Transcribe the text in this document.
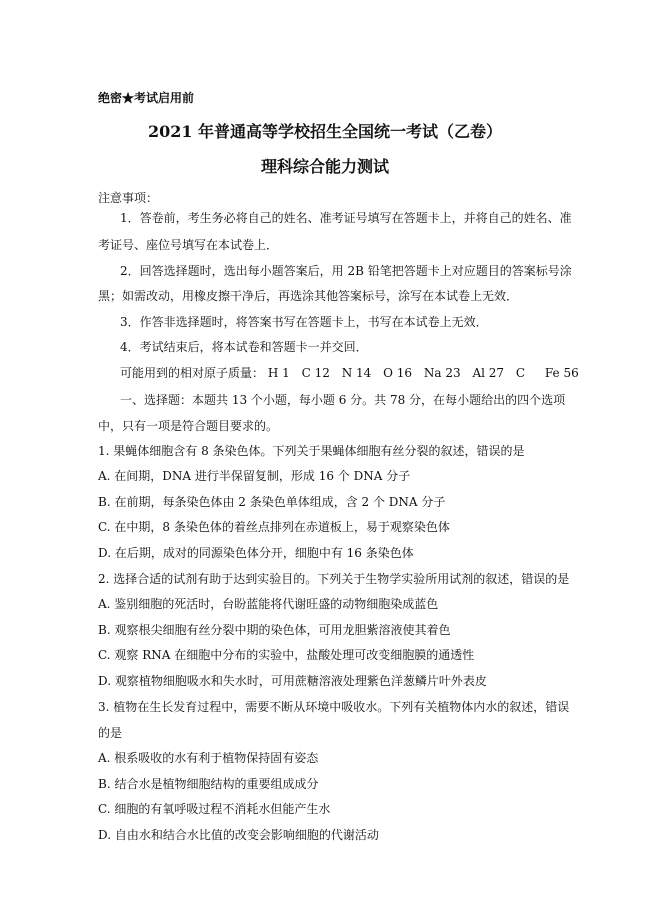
绝密★考试启用前
2021 年普通高等学校招生全国统一考试（乙卷）
理科综合能力测试
注意事项：
1．答卷前，考生务必将自己的姓名、准考证号填写在答题卡上，并将自己的姓名、准
考证号、座位号填写在本试卷上．
2．回答选择题时，选出每小题答案后，用 2B 铅笔把答题卡上对应题目的答案标号涂
黑；如需改动，用橡皮擦干净后，再选涂其他答案标号，涂写在本试卷上无效．
3．作答非选择题时，将答案书写在答题卡上，书写在本试卷上无效．
4．考试结束后，将本试卷和答题卡一并交回．
可能用到的相对原子质量： H 1 C 12 N 14 O 16 Na 23 Al 27 C Fe 56
一、选择题：本题共 13 个小题，每小题 6 分。共 78 分，在每小题给出的四个选项
中，只有一项是符合题目要求的。
1. 果蝇体细胞含有 8 条染色体。下列关于果蝇体细胞有丝分裂的叙述，错误的是
A. 在间期，DNA 进行半保留复制，形成 16 个 DNA 分子
B. 在前期，每条染色体由 2 条染色单体组成，含 2 个 DNA 分子
C. 在中期，8 条染色体的着丝点排列在赤道板上，易于观察染色体
D. 在后期，成对的同源染色体分开，细胞中有 16 条染色体
2. 选择合适的试剂有助于达到实验目的。下列关于生物学实验所用试剂的叙述，错误的是
A. 鉴别细胞的死活时，台盼蓝能将代谢旺盛的动物细胞染成蓝色
B. 观察根尖细胞有丝分裂中期的染色体，可用龙胆紫溶液使其着色
C. 观察 RNA 在细胞中分布的实验中，盐酸处理可改变细胞膜的通透性
D. 观察植物细胞吸水和失水时，可用蔗糖溶液处理紫色洋葱鳞片叶外表皮
3. 植物在生长发育过程中，需要不断从环境中吸收水。下列有关植物体内水的叙述，错误
的是
A. 根系吸收的水有利于植物保持固有姿态
B. 结合水是植物细胞结构的重要组成成分
C. 细胞的有氧呼吸过程不消耗水但能产生水
D. 自由水和结合水比值的改变会影响细胞的代谢活动
